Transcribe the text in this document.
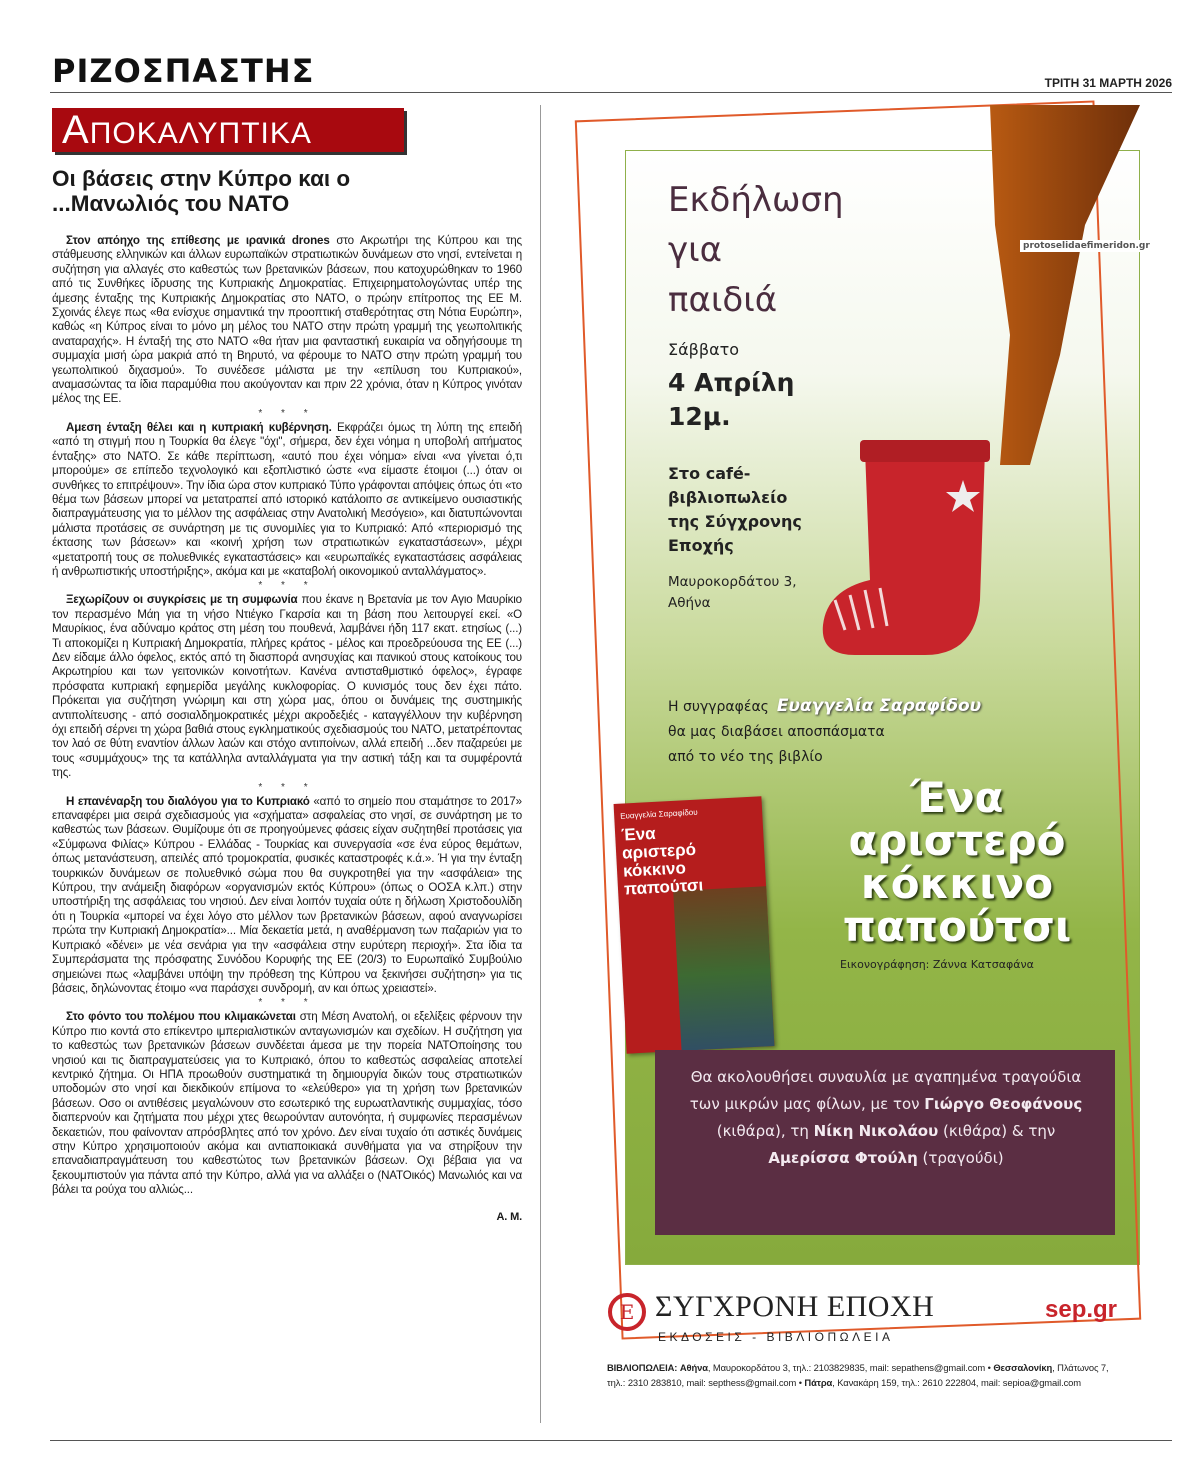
ΡΙΖΟΣΠΑΣΤΗΣ	ΤΡΙΤΗ 31 ΜΑΡΤΗ 2026
ΑΠΟΚΑΛΥΠΤΙΚΑ
Οι βάσεις στην Κύπρο και ο
...Μανωλιός του ΝΑΤΟ

Στον απόηχο της επίθεσης με ιρανικά drones στο Ακρωτήρι της Κύπρου και της στάθμευσης ελληνικών και άλλων ευρωπαϊκών στρατιωτικών δυνάμεων στο νησί, εντείνεται η συζήτηση για αλλαγές στο καθεστώς των βρετανικών βάσεων, που κατοχυρώθηκαν το 1960 από τις Συνθήκες ίδρυσης της Κυπριακής Δημοκρατίας. Επιχειρηματολογώντας υπέρ της άμεσης ένταξης της Κυπριακής Δημοκρατίας στο ΝΑΤΟ, ο πρώην επίτροπος της ΕΕ Μ. Σχοινάς έλεγε πως «θα ενίσχυε σημαντικά την προοπτική σταθερότητας στη Νότια Ευρώπη», καθώς «η Κύπρος είναι το μόνο μη μέλος του ΝΑΤΟ στην πρώτη γραμμή της γεωπολιτικής αναταραχής». Η ένταξή της στο ΝΑΤΟ «θα ήταν μια φανταστική ευκαιρία να οδηγήσουμε τη συμμαχία μισή ώρα μακριά από τη Βηρυτό, να φέρουμε το ΝΑΤΟ στην πρώτη γραμμή του γεωπολιτικού διχασμού». Το συνέδεσε μάλιστα με την «επίλυση του Κυπριακού», αναμασώντας τα ίδια παραμύθια που ακούγονταν και πριν 22 χρόνια, όταν η Κύπρος γινόταν μέλος της ΕΕ.

* * *

Αμεση ένταξη θέλει και η κυπριακή κυβέρνηση. Εκφράζει όμως τη λύπη της επειδή «από τη στιγμή που η Τουρκία θα έλεγε "όχι", σήμερα, δεν έχει νόημα η υποβολή αιτήματος ένταξης» στο ΝΑΤΟ. Σε κάθε περίπτωση, «αυτό που έχει νόημα» είναι «να γίνεται ό,τι μπορούμε» σε επίπεδο τεχνολογικό και εξοπλιστικό ώστε «να είμαστε έτοιμοι (...) όταν οι συνθήκες το επιτρέψουν». Την ίδια ώρα στον κυπριακό Τύπο γράφονται απόψεις όπως ότι «το θέμα των βάσεων μπορεί να μετατραπεί από ιστορικό κατάλοιπο σε αντικείμενο ουσιαστικής διαπραγμάτευσης για το μέλλον της ασφάλειας στην Ανατολική Μεσόγειο», και διατυπώνονται μάλιστα προτάσεις σε συνάρτηση με τις συνομιλίες για το Κυπριακό: Από «περιορισμό της έκτασης των βάσεων» και «κοινή χρήση των στρατιωτικών εγκαταστάσεων», μέχρι «μετατροπή τους σε πολυεθνικές εγκαταστάσεις» και «ευρωπαϊκές εγκαταστάσεις ασφάλειας ή ανθρωπιστικής υποστήριξης», ακόμα και με «καταβολή οικονομικού ανταλλάγματος».

* * *

Ξεχωρίζουν οι συγκρίσεις με τη συμφωνία που έκανε η Βρετανία με τον Αγιο Μαυρίκιο τον περασμένο Μάη για τη νήσο Ντιέγκο Γκαρσία και τη βάση που λειτουργεί εκεί. «Ο Μαυρίκιος, ένα αδύναμο κράτος στη μέση του πουθενά, λαμβάνει ήδη 117 εκατ. ετησίως (...) Τι αποκομίζει η Κυπριακή Δημοκρατία, πλήρες κράτος - μέλος και προεδρεύουσα της ΕΕ (...) Δεν είδαμε άλλο όφελος, εκτός από τη διασπορά ανησυχίας και πανικού στους κατοίκους του Ακρωτηρίου και των γειτονικών κοινοτήτων. Κανένα αντισταθμιστικό όφελος», έγραφε πρόσφατα κυπριακή εφημερίδα μεγάλης κυκλοφορίας. Ο κυνισμός τους δεν έχει πάτο. Πρόκειται για συζήτηση γνώριμη και στη χώρα μας, όπου οι δυνάμεις της συστημικής αντιπολίτευσης - από σοσιαλδημοκρατικές μέχρι ακροδεξιές - καταγγέλλουν την κυβέρνηση όχι επειδή σέρνει τη χώρα βαθιά στους εγκληματικούς σχεδιασμούς του ΝΑΤΟ, μετατρέποντας τον λαό σε θύτη εναντίον άλλων λαών και στόχο αντιποίνων, αλλά επειδή ...δεν παζαρεύει με τους «συμμάχους» της τα κατάλληλα ανταλλάγματα για την αστική τάξη και τα συμφέροντά της.

* * *

Η επανέναρξη του διαλόγου για το Κυπριακό «από το σημείο που σταμάτησε το 2017» επαναφέρει μια σειρά σχεδιασμούς για «σχήματα» ασφαλείας στο νησί, σε συνάρτηση με το καθεστώς των βάσεων. Θυμίζουμε ότι σε προηγούμενες φάσεις είχαν συζητηθεί προτάσεις για «Σύμφωνα Φιλίας» Κύπρου - Ελλάδας - Τουρκίας και συνεργασία «σε ένα εύρος θεμάτων, όπως μετανάστευση, απειλές από τρομοκρατία, φυσικές καταστροφές κ.ά.». Ή για την ένταξη τουρκικών δυνάμεων σε πολυεθνικό σώμα που θα συγκροτηθεί για την «ασφάλεια» της Κύπρου, την ανάμειξη διαφόρων «οργανισμών εκτός Κύπρου» (όπως ο ΟΟΣΑ κ.λπ.) στην υποστήριξη της ασφάλειας του νησιού. Δεν είναι λοιπόν τυχαία ούτε η δήλωση Χριστοδουλίδη ότι η Τουρκία «μπορεί να έχει λόγο στο μέλλον των βρετανικών βάσεων, αφού αναγνωρίσει πρώτα την Κυπριακή Δημοκρατία»... Μία δεκαετία μετά, η αναθέρμανση των παζαριών για το Κυπριακό «δένει» με νέα σενάρια για την «ασφάλεια στην ευρύτερη περιοχή». Στα ίδια τα Συμπεράσματα της πρόσφατης Συνόδου Κορυφής της ΕΕ (20/3) το Ευρωπαϊκό Συμβούλιο σημειώνει πως «λαμβάνει υπόψη την πρόθεση της Κύπρου να ξεκινήσει συζήτηση» για τις βάσεις, δηλώνοντας έτοιμο «να παράσχει συνδρομή, αν και όπως χρειαστεί».

* * *

Στο φόντο του πολέμου που κλιμακώνεται στη Μέση Ανατολή, οι εξελίξεις φέρνουν την Κύπρο πιο κοντά στο επίκεντρο ιμπεριαλιστικών ανταγωνισμών και σχεδίων. Η συζήτηση για το καθεστώς των βρετανικών βάσεων συνδέεται άμεσα με την πορεία ΝΑΤΟποίησης του νησιού και τις διαπραγματεύσεις για το Κυπριακό, όπου το καθεστώς ασφαλείας αποτελεί κεντρικό ζήτημα. Οι ΗΠΑ προωθούν συστηματικά τη δημιουργία δικών τους στρατιωτικών υποδομών στο νησί και διεκδικούν επίμονα το «ελεύθερο» για τη χρήση των βρετανικών βάσεων. Οσο οι αντιθέσεις μεγαλώνουν στο εσωτερικό της ευρωατλαντικής συμμαχίας, τόσο διαπερνούν και ζητήματα που μέχρι χτες θεωρούνταν αυτονόητα, ή συμφωνίες περασμένων δεκαετιών, που φαίνονταν απρόσβλητες από τον χρόνο. Δεν είναι τυχαίο ότι αστικές δυνάμεις στην Κύπρο χρησιμοποιούν ακόμα και αντιαποικιακά συνθήματα για να στηρίξουν την επαναδιαπραγμάτευση του καθεστώτος των βρετανικών βάσεων. Οχι βέβαια για να ξεκουμπιστούν για πάντα από την Κύπρο, αλλά για να αλλάξει ο (ΝΑΤΟικός) Μανωλιός και να βάλει τα ρούχα του αλλιώς...

Α. Μ.

protoselidaefimeridon.gr
Εκδήλωση
για
παιδιά
Σάββατο
4 Απρίλη
12μ.
Στο café-
βιβλιοπωλείο
της Σύγχρονης
Εποχής
Μαυροκορδάτου 3,
Αθήνα
Η συγγραφέας Ευαγγελία Σαραφίδου
θα μας διαβάσει αποσπάσματα
από το νέο της βιβλίο
Ευαγγελία Σαραφίδου
Ένα
αριστερό
κόκκινο
παπούτσι
Ένα
αριστερό
κόκκινο
παπούτσι
Εικονογράφηση: Ζάννα Κατσαφάνα
Θα ακολουθήσει συναυλία με αγαπημένα τραγούδια των μικρών μας φίλων, με τον Γιώργο Θεοφάνους (κιθάρα), τη Νίκη Νικολάου (κιθάρα) & την Αμερίσσα Φτούλη (τραγούδι)
Ε ΣΥΓΧΡΟΝΗ ΕΠΟΧΗ
ΕΚΔΟΣΕΙΣ - ΒΙΒΛΙΟΠΩΛΕΙΑ
sep.gr
ΒΙΒΛΙΟΠΩΛΕΙΑ: Αθήνα, Μαυροκορδάτου 3, τηλ.: 2103829835, mail: sepathens@gmail.com • Θεσσαλονίκη, Πλάτωνος 7, τηλ.: 2310 283810, mail: septhess@gmail.com • Πάτρα, Κανακάρη 159, τηλ.: 2610 222804, mail: sepioa@gmail.com
